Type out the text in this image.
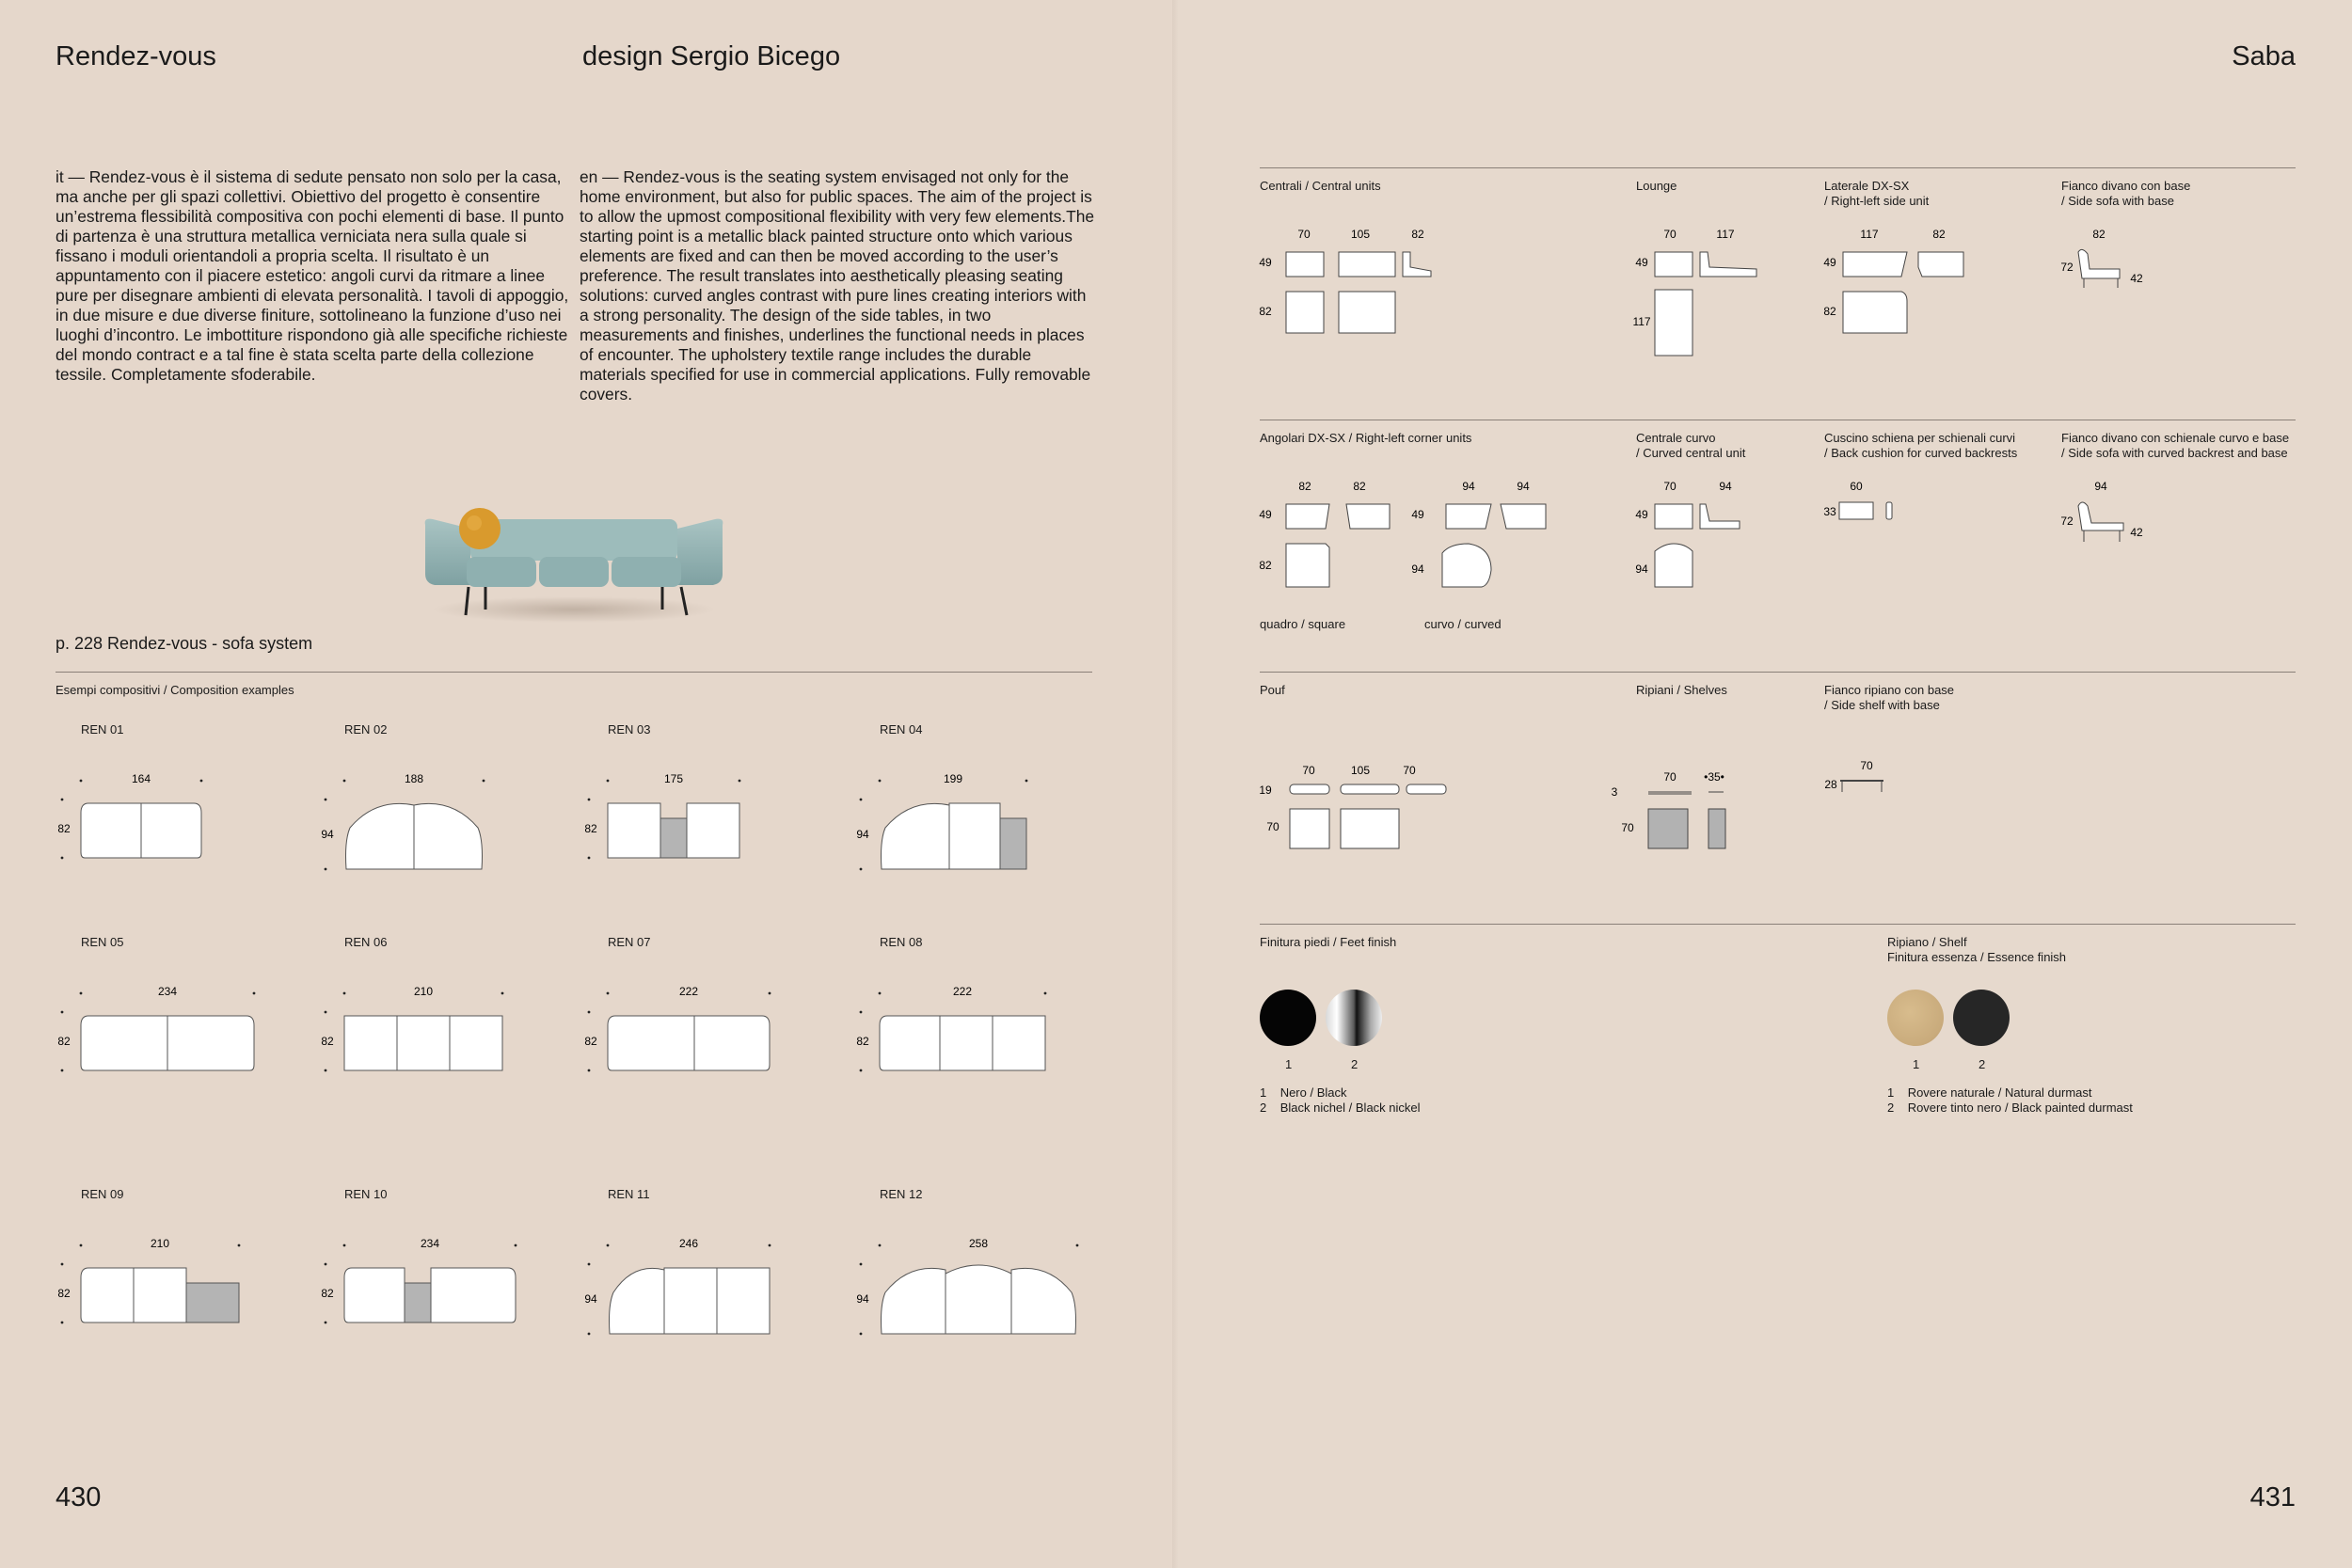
Rendez-vous	design Sergio Bicego
it — Rendez-vous è il sistema di sedute pensato non solo per la casa, ma anche per gli spazi collettivi. Obiettivo del progetto è consentire un’estrema flessibilità compositiva con pochi elementi di base. Il punto di partenza è una struttura metallica verniciata nera sulla quale si fissano i moduli orientandoli a propria scelta. Il risultato è un appuntamento con il piacere estetico: angoli curvi da ritmare a linee pure per disegnare ambienti di elevata personalità. I tavoli di appoggio, in due misure e due diverse finiture, sottolineano la funzione d’uso nei luoghi d’incontro. Le imbottiture rispondono già alle specifiche richieste del mondo contract e a tal fine è stata scelta parte della collezione tessile. Completamente sfoderabile.
en — Rendez-vous is the seating system envisaged not only for the home environment, but also for public spaces. The aim of the project is to allow the upmost compositional flexibility with very few elements.The starting point is a metallic black painted structure onto which various elements are fixed and can then be moved according to the user’s preference. The result translates into aesthetically pleasing seating solutions: curved angles contrast with pure lines creating interiors with a strong personality. The design of the side tables, in two measurements and finishes, underlines the functional needs in places of encounter. The upholstery textile range includes the durable materials specified for use in commercial applications. Fully removable covers.
p. 228 Rendez-vous - sofa system
Esempi compositivi / Composition examples
REN 01
164
82
REN 02
188
94
REN 03
175
82
REN 04
199
94
REN 05
234
82
REN 06
210
82
REN 07
222
82
REN 08
222
82
REN 09
210
82
REN 10
234
82
REN 11
246
94
REN 12
258
94
430
Saba
Centrali / Central units
70	105	82
49
82
Lounge
70	117
49
117
Laterale DX-SX
/ Right-left side unit
117	82
49
82
Fianco divano con base
/ Side sofa with base
82
72
42
Angolari DX-SX / Right-left corner units
82	82	94	94
49
82
49
94
quadro / square	curvo / curved
Centrale curvo
/ Curved central unit
70	94
49
94
Cuscino schiena per schienali curvi
/ Back cushion for curved backrests
60
33
Fianco divano con schienale curvo e base
/ Side sofa with curved backrest and base
94
72
42
Pouf
70	105	70
19
70
Ripiani / Shelves
70 •35•
3
70
Fianco ripiano con base
/ Side shelf with base
70
28
Finitura piedi / Feet finish
1	2
1 Nero / Black
2 Black nichel / Black nickel
Ripiano / Shelf
Finitura essenza / Essence finish
1	2
1 Rovere naturale / Natural durmast
2 Rovere tinto nero / Black painted durmast
431
